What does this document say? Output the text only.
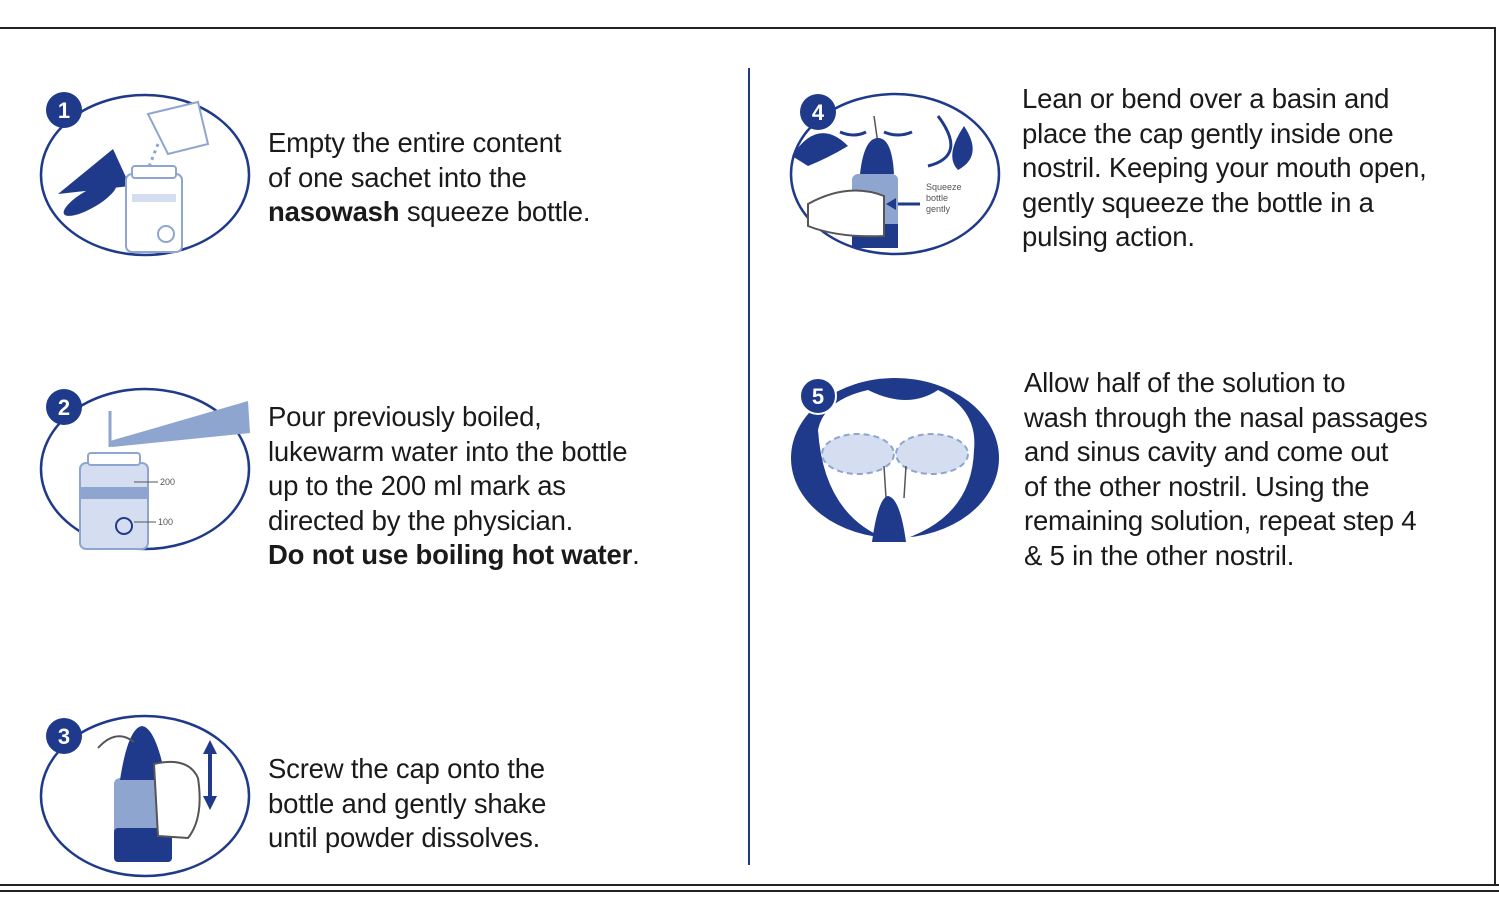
1
Empty the entire content
of one sachet into the
nasowash squeeze bottle.
200
100
2	Pour previously boiled,
lukewarm water into the bottle
up to the 200 ml mark as
directed by the physician.
Do not use boiling hot water.
3
Screw the cap onto the
bottle and gently shake
until powder dissolves.
Squeeze
bottle
gently
4	Lean or bend over a basin and
place the cap gently inside one
nostril. Keeping your mouth open,
gently squeeze the bottle in a
pulsing action.
5	Allow half of the solution to
wash through the nasal passages
and sinus cavity and come out
of the other nostril. Using the
remaining solution, repeat step 4
& 5 in the other nostril.
